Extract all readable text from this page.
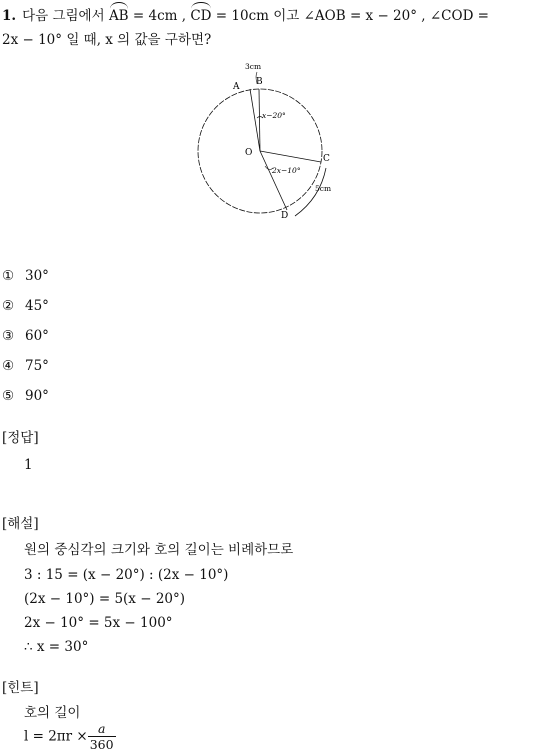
1. 다음 그림에서 AB = 4cm , CD = 10cm 이고 ∠AOB = x − 20° , ∠COD =
2x − 10° 일 때, x 의 값을 구하면?
3cm
A B
x−20°
O
2x−10°
C
5cm
D
① 30°
② 45°
③ 60°
④ 75°
⑤ 90°
[정답]
1
[해설]
원의 중심각의 크기와 호의 길이는 비례하므로
3 : 15 = (x − 20°) : (2x − 10°)
(2x − 10°) = 5(x − 20°)
2x − 10° = 5x − 100°
∴ x = 30°
[힌트]
호의 길이
$l = 2\pi r \times \frac{a}{360}$
